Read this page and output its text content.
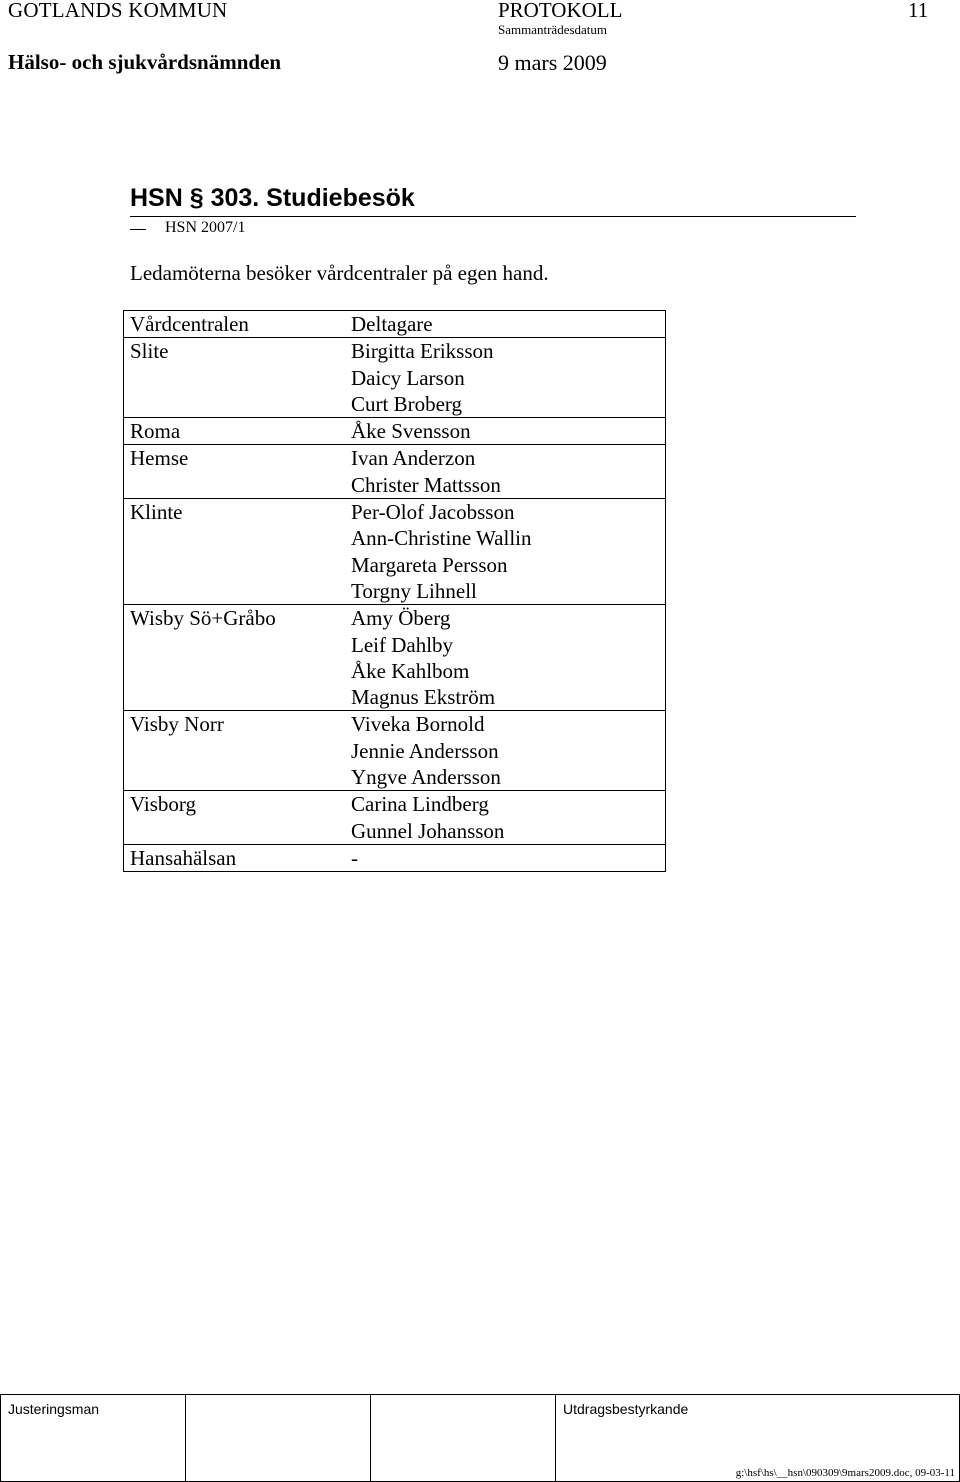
GOTLANDS KOMMUN	PROTOKOLL	11
Sammanträdesdatum
Hälso- och sjukvårdsnämnden	9 mars 2009
HSN § 303. Studiebesök
HSN 2007/1
Ledamöterna besöker vårdcentraler på egen hand.
Vårdcentralen	Deltagare
Slite	Birgitta Eriksson
Daicy Larson
Curt Broberg

Roma	Åke Svensson

Hemse	Ivan Anderzon
Christer Mattsson

Klinte	Per-Olof Jacobsson
Ann-Christine Wallin
Margareta Persson
Torgny Lihnell

Wisby Sö+Gråbo	Amy Öberg
Leif Dahlby
Åke Kahlbom
Magnus Ekström

Visby Norr	Viveka Bornold
Jennie Andersson
Yngve Andersson

Visborg	Carina Lindberg
Gunnel Johansson

Hansahälsan	-
Justeringsman	Utdragsbestyrkande
g:\hsf\hs\__hsn\090309\9mars2009.doc, 09-03-11
